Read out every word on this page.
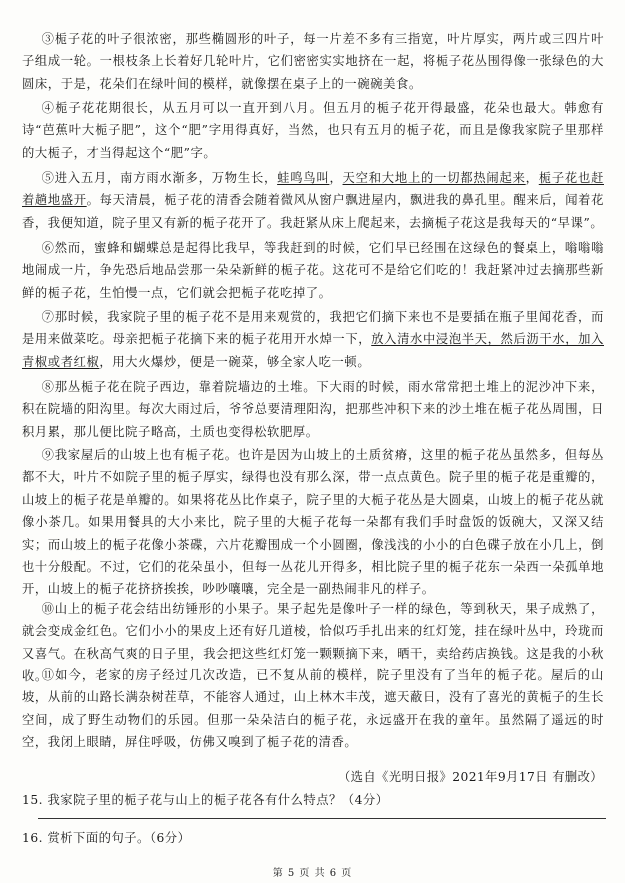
③栀子花的叶子很浓密，那些椭圆形的叶子，每一片差不多有三指宽，叶片厚实，两片或三四片叶子组成一轮。一根枝条上长着好几轮叶片，它们密密实实地挤在一起，将栀子花丛围得像一张绿色的大圆床，于是，花朵们在绿叶间的模样，就像摆在桌子上的一碗碗美食。

④栀子花花期很长，从五月可以一直开到八月。但五月的栀子花开得最盛，花朵也最大。韩愈有诗“芭蕉叶大栀子肥”，这个“肥”字用得真好，当然，也只有五月的栀子花，而且是像我家院子里那样的大栀子，才当得起这个“肥”字。

⑤进入五月，南方雨水渐多，万物生长，蛙鸣鸟叫，天空和大地上的一切都热闹起来，栀子花也赶着趟地盛开。每天清晨，栀子花的清香会随着微风从窗户飘进屋内，飘进我的鼻孔里。醒来后，闻着花香，我便知道，院子里又有新的栀子花开了。我赶紧从床上爬起来，去摘栀子花这是我每天的“早课”。

⑥然而，蜜蜂和蝴蝶总是起得比我早，等我赶到的时候，它们早已经围在这绿色的餐桌上，嗡嗡嗡地闹成一片，争先恐后地品尝那一朵朵新鲜的栀子花。这花可不是给它们吃的！我赶紧冲过去摘那些新鲜的栀子花，生怕慢一点，它们就会把栀子花吃掉了。

⑦那时候，我家院子里的栀子花不是用来观赏的，我把它们摘下来也不是要插在瓶子里闻花香，而是用来做菜吃。母亲把栀子花摘下来的栀子花用开水焯一下，放入清水中浸泡半天，然后沥干水，加入青椒或者红椒，用大火爆炒，便是一碗菜，够全家人吃一顿。

⑧那丛栀子花在院子西边，靠着院墙边的土堆。下大雨的时候，雨水常常把土堆上的泥沙冲下来，积在院墙的阳沟里。每次大雨过后，爷爷总要清理阳沟，把那些冲积下来的沙土堆在栀子花丛周围，日积月累，那儿便比院子略高，土质也变得松软肥厚。

⑨我家屋后的山坡上也有栀子花。也许是因为山坡上的土质贫瘠，这里的栀子花丛虽然多，但每丛都不大，叶片不如院子里的栀子厚实，绿得也没有那么深，带一点点黄色。院子里的栀子花是重瓣的，山坡上的栀子花是单瓣的。如果将花丛比作桌子，院子里的大栀子花丛是大圆桌，山坡上的栀子花丛就像小茶几。如果用餐具的大小来比，院子里的大栀子花每一朵都有我们手时盘饭的饭碗大，又深又结实；而山坡上的栀子花像小茶碟，六片花瓣围成一个小圆圈，像浅浅的小小的白色碟子放在小几上，倒也十分般配。不过，它们的花朵虽小，但每一丛花儿开得多，相比院子里的栀子花东一朵西一朵孤单地开，山坡上的栀子花挤挤挨挨，吵吵嚷嚷，完全是一副热闹非凡的样子。

⑩山上的栀子花会结出纺锤形的小果子。果子起先是像叶子一样的绿色，等到秋天，果子成熟了，就会变成金红色。它们小小的果皮上还有好几道棱，恰似巧手扎出来的红灯笼，挂在绿叶丛中，玲珑而又喜气。在秋高气爽的日子里，我会把这些红灯笼一颗颗摘下来，晒干，卖给药店换钱。这是我的小秋收。

⑪如今，老家的房子经过几次改造，已不复从前的模样，院子里没有了当年的栀子花。屋后的山坡，从前的山路长满杂树茬草，不能容人通过，山上林木丰茂，遮天蔽日，没有了喜光的黄栀子的生长空间，成了野生动物们的乐园。但那一朵朵洁白的栀子花，永远盛开在我的童年。虽然隔了遥远的时空，我闭上眼睛，屏住呼吸，仿佛又嗅到了栀子花的清香。

（选自《光明日报》2021年9月17日 有删改）
15. 我家院子里的栀子花与山上的栀子花各有什么特点？（4分）
16. 赏析下面的句子。（6分）
第 5 页 共 6 页
